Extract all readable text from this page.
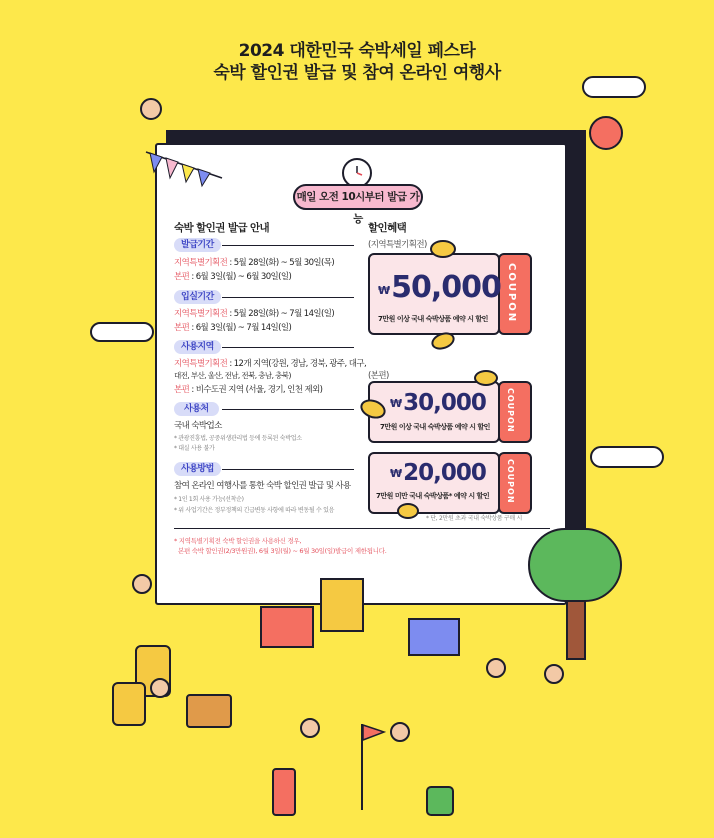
2024 대한민국 숙박세일 페스타
숙박 할인권 발급 및 참여 온라인 여행사
매일 오전 10시부터 발급 가능
숙박 할인권 발급 안내
발급기간
지역특별기획전 : 5월 28일(화) ~ 5월 30일(목)
본편 : 6월 3일(월) ~ 6월 30일(일)
입실기간
지역특별기획전 : 5월 28일(화) ~ 7월 14일(일)
본편 : 6월 3일(월) ~ 7월 14일(일)
사용지역
지역특별기획전 : 12개 지역(강원, 경남, 경북, 광주, 대구,
대전, 부산, 울산, 전남, 전북, 충남, 충북)
본편 : 비수도권 지역 (서울, 경기, 인천 제외)
사용처
국내 숙박업소
* 관광진흥법, 공중위생관리법 등에 등록된 숙박업소
* 대실 사용 불가
사용방법
참여 온라인 여행사를 통한 숙박 할인권 발급 및 사용
* 1인 1회 사용 가능(선착순)
* 위 사업기간은 정부정책의 긴급변동 사항에 따라 변동될 수 있음
할인혜택
(지역특별기획전)
COUPON
₩50,000
7만원 이상 국내 숙박상품 예약 시 할인
(본편)
COUPON
₩30,000
7만원 이상 국내 숙박상품 예약 시 할인
COUPON
₩20,000
7만원 미만 국내 숙박상품* 예약 시 할인
* 단, 2만원 초과 국내 숙박상품 구매 시
* 지역특별기획전 숙박 할인권을 사용하신 경우,
본편 숙박 할인권(2/3만원권), 6월 3일(월) ~ 6월 30일(일)발급이 제한됩니다.
